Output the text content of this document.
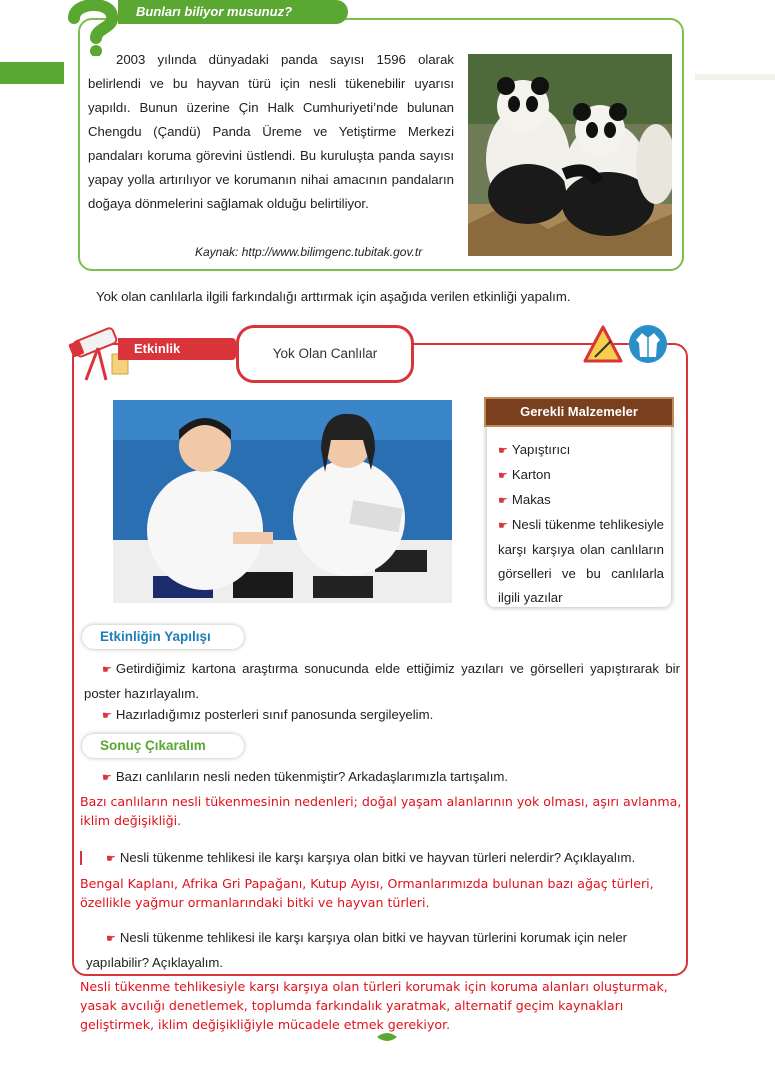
Bunları biliyor musunuz?

2003 yılında dünyadaki panda sayısı 1596 olarak belirlendi ve bu hayvan türü için nesli tükenebilir uyarısı yapıldı. Bunun üzerine Çin Halk Cumhuriyeti’nde bulunan Chengdu (Çandü) Panda Üreme ve Yetiştirme Merkezi pandaları koruma görevini üstlendi. Bu kuruluşta panda sayısı yapay yolla artırılıyor ve korumanın nihai amacının pandaların doğaya dönmelerini sağlamak olduğu belirtiliyor.

Kaynak: http://www.bilimgenc.tubitak.gov.tr
Yok olan canlılarla ilgili farkındalığı arttırmak için aşağıda verilen etkinliği yapalım.
Etkinlik	Yok Olan Canlılar
Gerekli Malzemeler
☛ Yapıştırıcı
☛ Karton
☛ Makas
☛ Nesli tükenme tehlikesiyle karşı karşıya olan canlıların görselleri ve bu canlılarla ilgili yazılar
Etkinliğin Yapılışı

☛ Getirdiğimiz kartona araştırma sonucunda elde ettiğimiz yazıları ve görselleri yapıştırarak bir poster hazırlayalım.

☛ Hazırladığımız posterleri sınıf panosunda sergileyelim.

Sonuç Çıkaralım

☛ Bazı canlıların nesli neden tükenmiştir? Arkadaşlarımızla tartışalım.

Bazı canlıların nesli tükenmesinin nedenleri; doğal yaşam alanlarının yok olması, aşırı avlanma, iklim değişikliği.

☛ Nesli tükenme tehlikesi ile karşı karşıya olan bitki ve hayvan türleri nelerdir? Açıklayalım.

Bengal Kaplanı, Afrika Gri Papağanı, Kutup Ayısı, Ormanlarımızda bulunan bazı ağaç türleri, özellikle yağmur ormanlarındaki bitki ve hayvan türleri.

☛ Nesli tükenme tehlikesi ile karşı karşıya olan bitki ve hayvan türlerini korumak için neler yapılabilir? Açıklayalım.

Nesli tükenme tehlikesiyle karşı karşıya olan türleri korumak için koruma alanları oluşturmak, yasak avcılığı denetlemek, toplumda farkındalık yaratmak, alternatif geçim kaynakları geliştirmek, iklim değişikliğiyle mücadele etmek gerekiyor.
